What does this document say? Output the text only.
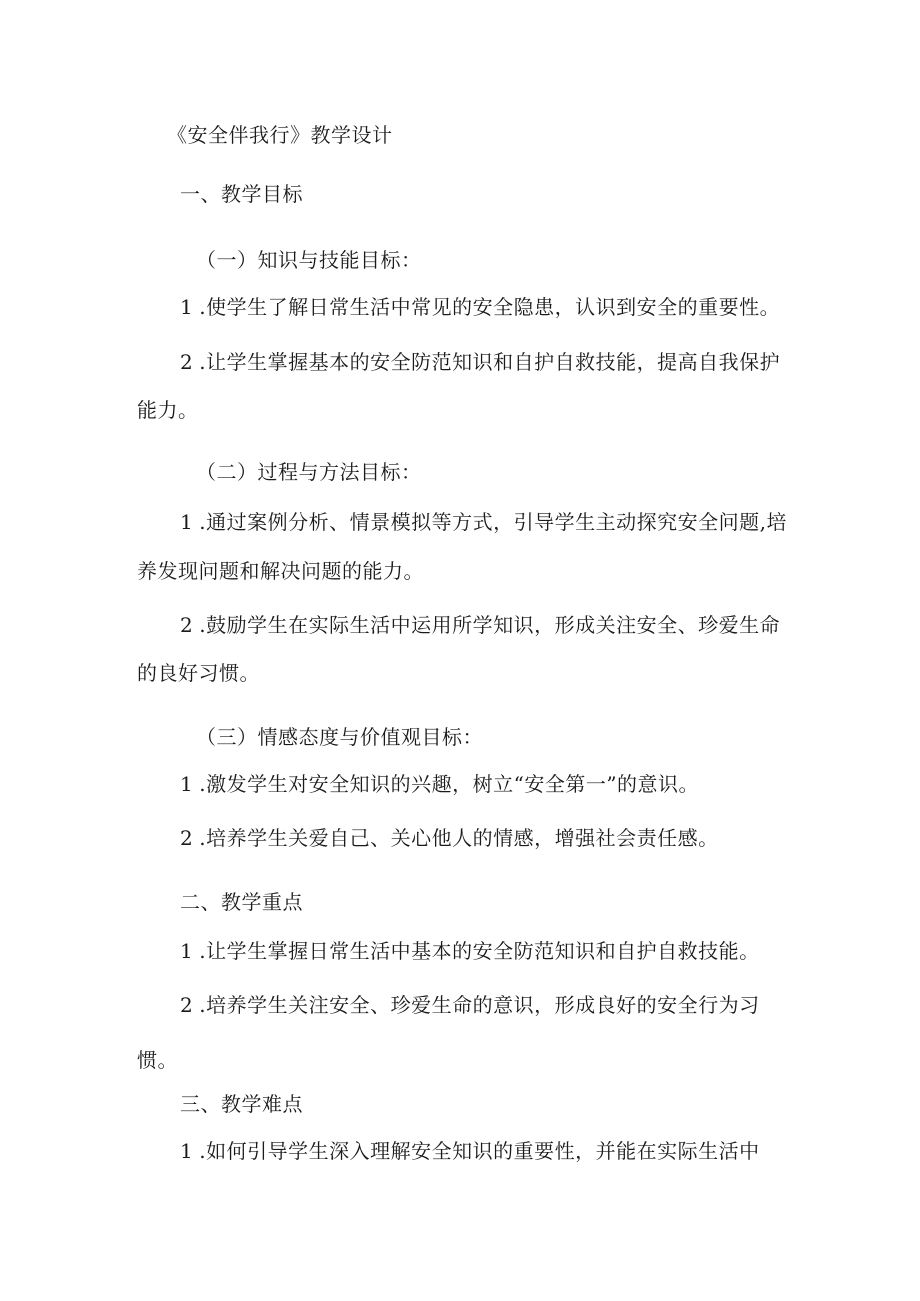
《安全伴我行》教学设计
一、教学目标
（一）知识与技能目标：
1 .使学生了解日常生活中常见的安全隐患，认识到安全的重要性。
2 .让学生掌握基本的安全防范知识和自护自救技能，提高自我保护
能力。
（二）过程与方法目标：
1 .通过案例分析、情景模拟等方式，引导学生主动探究安全问题,培
养发现问题和解决问题的能力。
2 .鼓励学生在实际生活中运用所学知识，形成关注安全、珍爱生命
的良好习惯。
（三）情感态度与价值观目标：
1 .激发学生对安全知识的兴趣，树立“安全第一”的意识。
2 .培养学生关爱自己、关心他人的情感，增强社会责任感。
二、教学重点
1 .让学生掌握日常生活中基本的安全防范知识和自护自救技能。
2 .培养学生关注安全、珍爱生命的意识，形成良好的安全行为习
惯。
三、教学难点
1 .如何引导学生深入理解安全知识的重要性，并能在实际生活中
